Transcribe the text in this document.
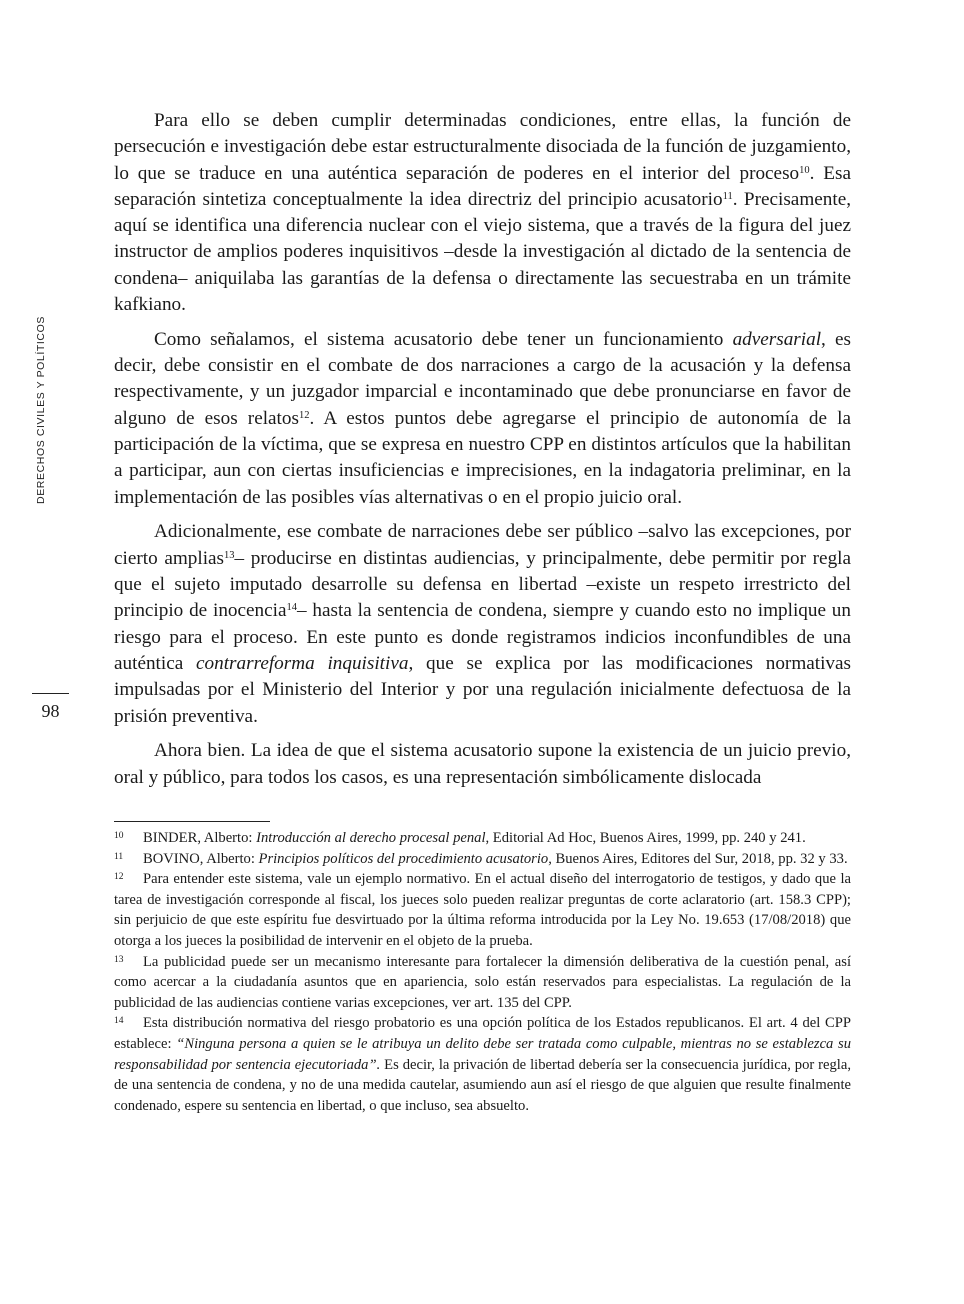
DERECHOS CIVILES Y POLÍTICOS
98

Para ello se deben cumplir determinadas condiciones, entre ellas, la función de persecución e investigación debe estar estructuralmente disociada de la función de juzgamiento, lo que se traduce en una auténtica separación de poderes en el interior del proceso$^{10}$. Esa separación sintetiza conceptualmente la idea directriz del principio acusatorio$^{11}$. Precisamente, aquí se identifica una diferencia nuclear con el viejo sistema, que a través de la figura del juez instructor de amplios poderes inquisitivos –desde la investigación al dictado de la sentencia de condena– aniquilaba las garantías de la defensa o directamente las secuestraba en un trámite kafkiano.

Como señalamos, el sistema acusatorio debe tener un funcionamiento adversarial, es decir, debe consistir en el combate de dos narraciones a cargo de la acusación y la defensa respectivamente, y un juzgador imparcial e incontaminado que debe pronunciarse en favor de alguno de esos relatos$^{12}$. A estos puntos debe agregarse el principio de autonomía de la participación de la víctima, que se expresa en nuestro CPP en distintos artículos que la habilitan a participar, aun con ciertas insuficiencias e imprecisiones, en la indagatoria preliminar, en la implementación de las posibles vías alternativas o en el propio juicio oral.

Adicionalmente, ese combate de narraciones debe ser público –salvo las excepciones, por cierto amplias$^{13}$– producirse en distintas audiencias, y principalmente, debe permitir por regla que el sujeto imputado desarrolle su defensa en libertad –existe un respeto irrestricto del principio de inocencia$^{14}$– hasta la sentencia de condena, siempre y cuando esto no implique un riesgo para el proceso. En este punto es donde registramos indicios inconfundibles de una auténtica contrarreforma inquisitiva, que se explica por las modificaciones normativas impulsadas por el Ministerio del Interior y por una regulación inicialmente defectuosa de la prisión preventiva.

Ahora bien. La idea de que el sistema acusatorio supone la existencia de un juicio previo, oral y público, para todos los casos, es una representación simbólicamente dislocada

10 BINDER, Alberto: Introducción al derecho procesal penal, Editorial Ad Hoc, Buenos Aires, 1999, pp. 240 y 241.

11 BOVINO, Alberto: Principios políticos del procedimiento acusatorio, Buenos Aires, Editores del Sur, 2018, pp. 32 y 33.

12 Para entender este sistema, vale un ejemplo normativo. En el actual diseño del interrogatorio de testigos, y dado que la tarea de investigación corresponde al fiscal, los jueces solo pueden realizar preguntas de corte aclaratorio (art. 158.3 CPP); sin perjuicio de que este espíritu fue desvirtuado por la última reforma introducida por la Ley No. 19.653 (17/08/2018) que otorga a los jueces la posibilidad de intervenir en el objeto de la prueba.

13 La publicidad puede ser un mecanismo interesante para fortalecer la dimensión deliberativa de la cuestión penal, así como acercar a la ciudadanía asuntos que en apariencia, solo están reservados para especialistas. La regulación de la publicidad de las audiencias contiene varias excepciones, ver art. 135 del CPP.

14 Esta distribución normativa del riesgo probatorio es una opción política de los Estados republicanos. El art. 4 del CPP establece: “Ninguna persona a quien se le atribuya un delito debe ser tratada como culpable, mientras no se establezca su responsabilidad por sentencia ejecutoriada”. Es decir, la privación de libertad debería ser la consecuencia jurídica, por regla, de una sentencia de condena, y no de una medida cautelar, asumiendo aun así el riesgo de que alguien que resulte finalmente condenado, espere su sentencia en libertad, o que incluso, sea absuelto.
